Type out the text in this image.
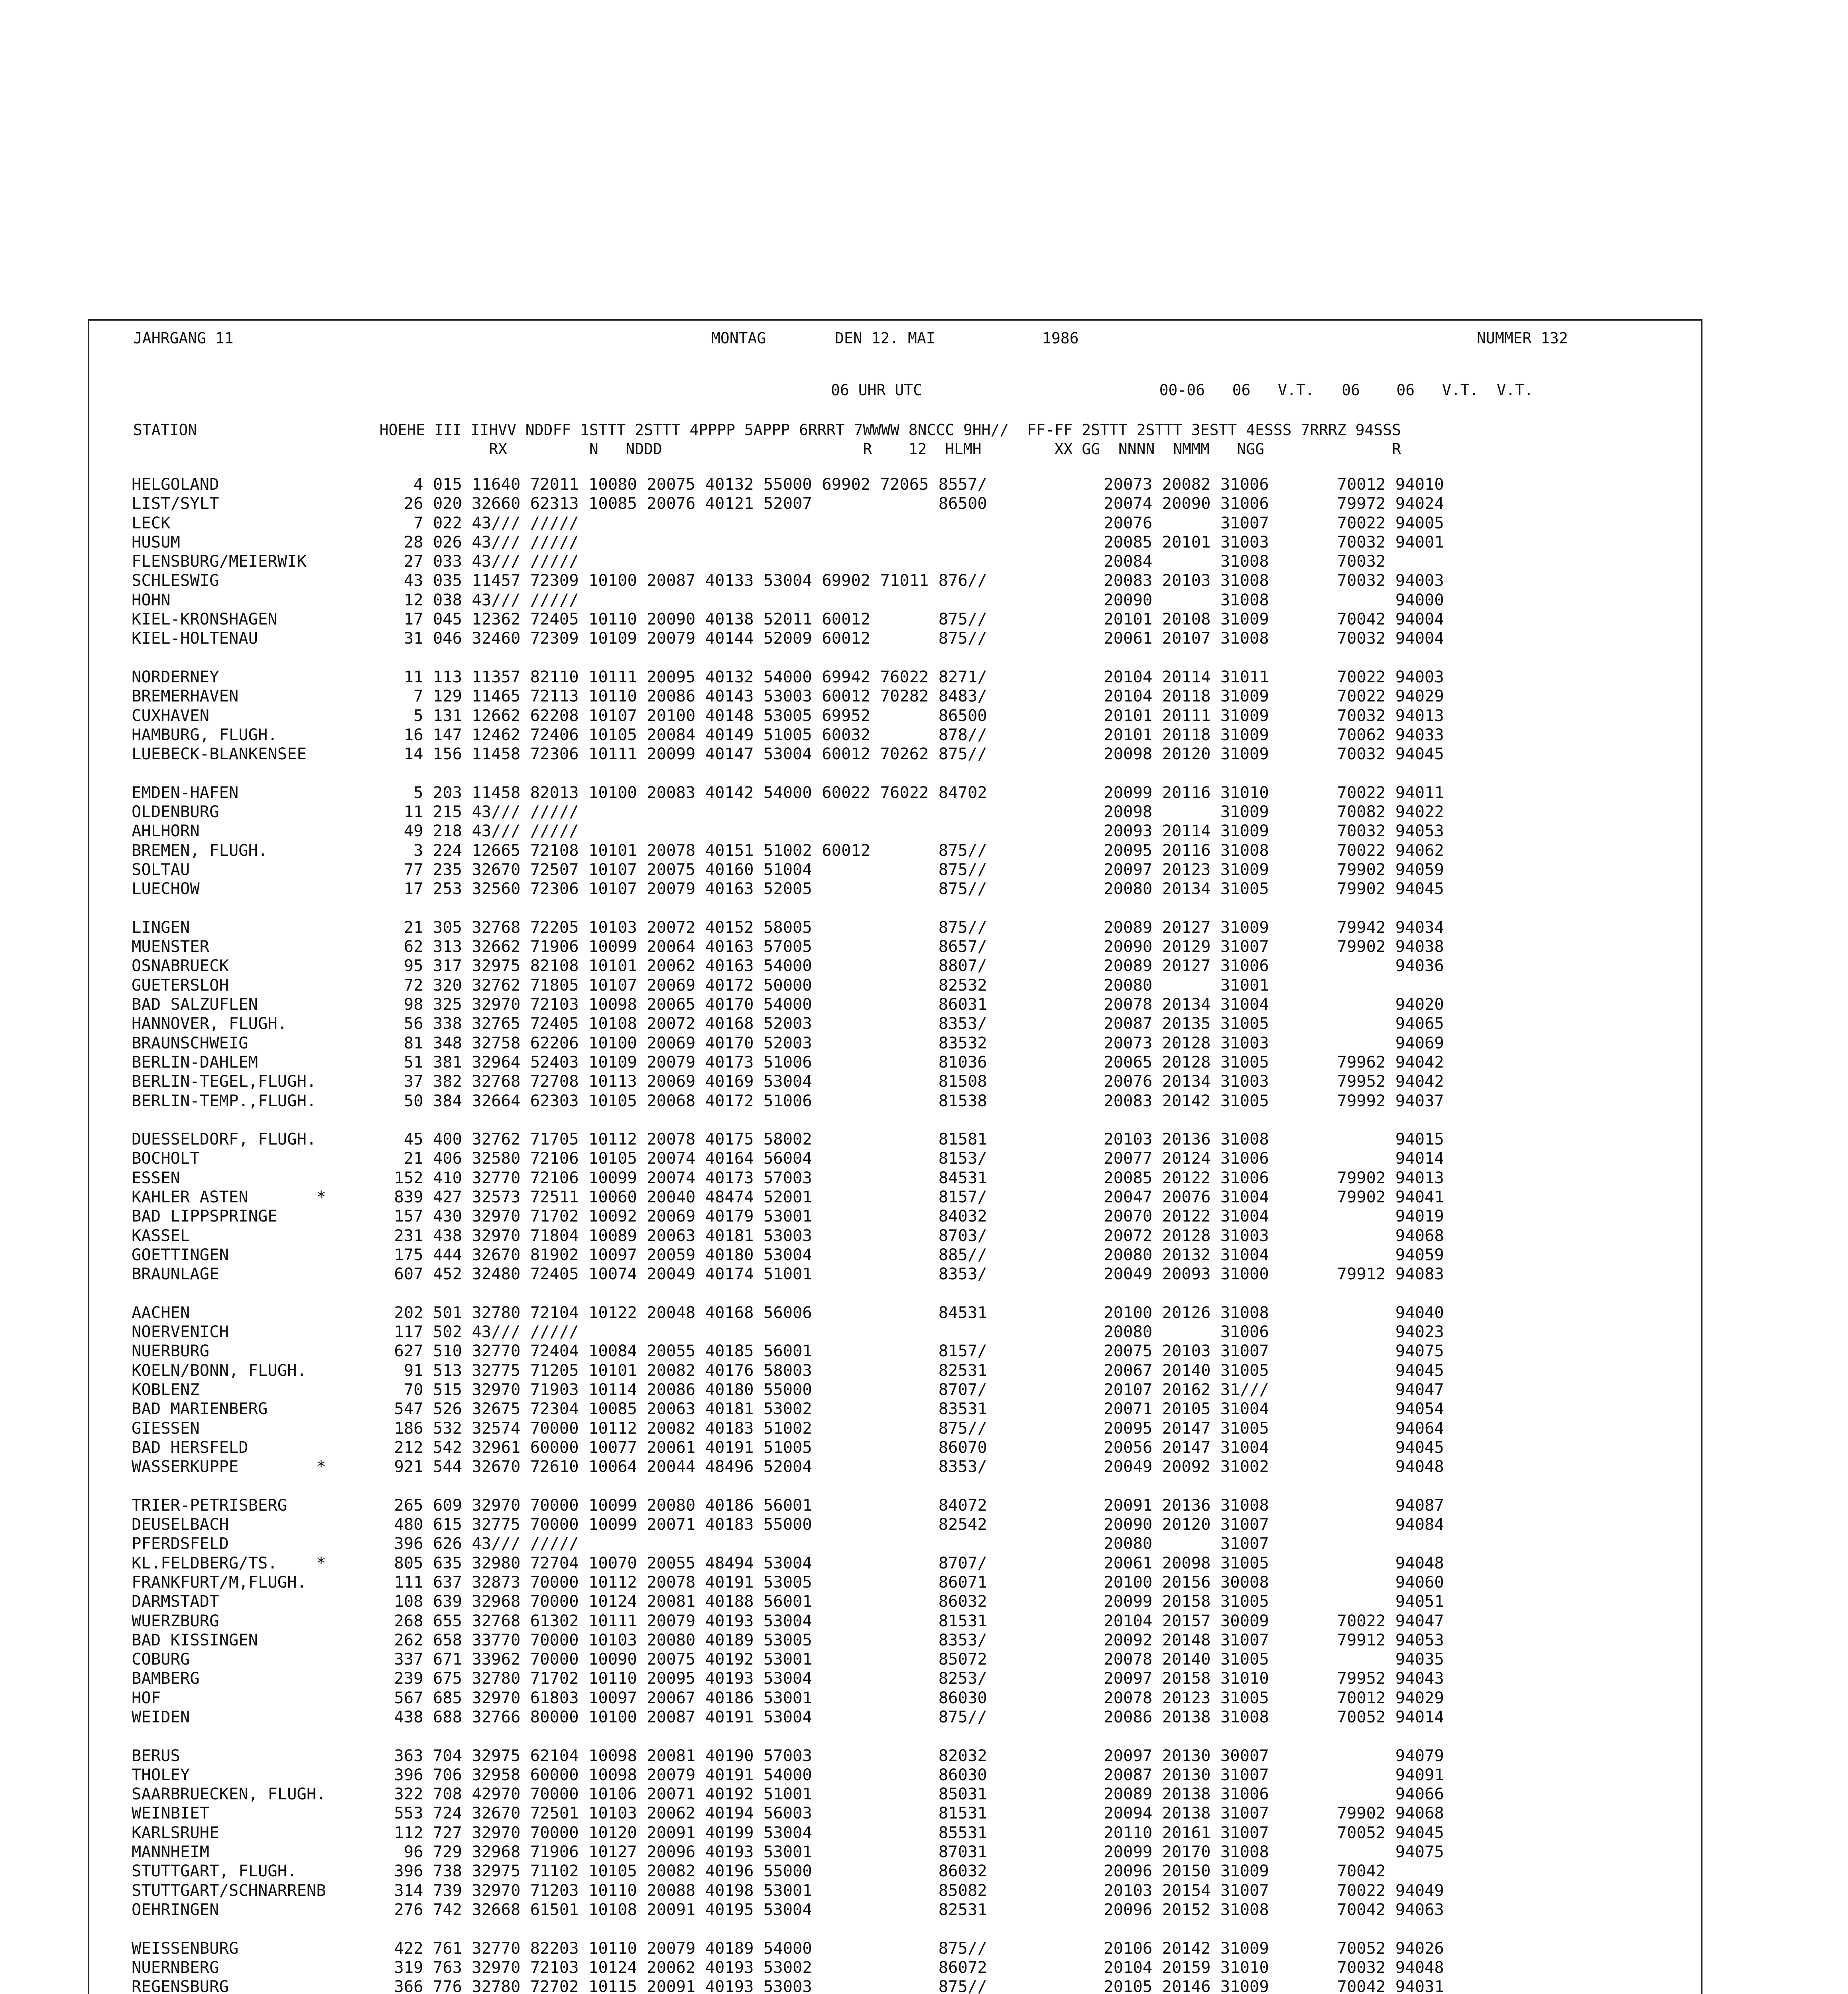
JAHRGANG 11	MONTAG	DEN 12. MAI	1986	NUMMER 132
06 UHR UTC                          00-06   06   V.T.   06    06   V.T.  V.T.
STATION                    HOEHE III IIHVV NDDFF 1STTT 2STTT 4PPPP 5APPP 6RRRT 7WWWW 8NCCC 9HH//  FF-FF 2STTT 2STTT 3ESTT 4ESSS 7RRRZ 94SSS
RX         N   NDDD                      R    12  HLMH        XX GG  NNNN  NMMM   NGG              R
HELGOLAND                    4 015 11640 72011 10080 20075 40132 55000 69902 72065 8557/            20073 20082 31006       70012 94010
LIST/SYLT                   26 020 32660 62313 10085 20076 40121 52007             86500            20074 20090 31006       79972 94024
LECK                         7 022 43/// /////                                                      20076       31007       70022 94005
HUSUM                       28 026 43/// /////                                                      20085 20101 31003       70032 94001
FLENSBURG/MEIERWIK          27 033 43/// /////                                                      20084       31008       70032
SCHLESWIG                   43 035 11457 72309 10100 20087 40133 53004 69902 71011 876//            20083 20103 31008       70032 94003
HOHN                        12 038 43/// /////                                                      20090       31008             94000
KIEL-KRONSHAGEN             17 045 12362 72405 10110 20090 40138 52011 60012       875//            20101 20108 31009       70042 94004
KIEL-HOLTENAU               31 046 32460 72309 10109 20079 40144 52009 60012       875//            20061 20107 31008       70032 94004
NORDERNEY                   11 113 11357 82110 10111 20095 40132 54000 69942 76022 8271/            20104 20114 31011       70022 94003
BREMERHAVEN                  7 129 11465 72113 10110 20086 40143 53003 60012 70282 8483/            20104 20118 31009       70022 94029
CUXHAVEN                     5 131 12662 62208 10107 20100 40148 53005 69952       86500            20101 20111 31009       70032 94013
HAMBURG, FLUGH.             16 147 12462 72406 10105 20084 40149 51005 60032       878//            20101 20118 31009       70062 94033
LUEBECK-BLANKENSEE          14 156 11458 72306 10111 20099 40147 53004 60012 70262 875//            20098 20120 31009       70032 94045
EMDEN-HAFEN                  5 203 11458 82013 10100 20083 40142 54000 60022 76022 84702            20099 20116 31010       70022 94011
OLDENBURG                   11 215 43/// /////                                                      20098       31009       70082 94022
AHLHORN                     49 218 43/// /////                                                      20093 20114 31009       70032 94053
BREMEN, FLUGH.               3 224 12665 72108 10101 20078 40151 51002 60012       875//            20095 20116 31008       70022 94062
SOLTAU                      77 235 32670 72507 10107 20075 40160 51004             875//            20097 20123 31009       79902 94059
LUECHOW                     17 253 32560 72306 10107 20079 40163 52005             875//            20080 20134 31005       79902 94045
LINGEN                      21 305 32768 72205 10103 20072 40152 58005             875//            20089 20127 31009       79942 94034
MUENSTER                    62 313 32662 71906 10099 20064 40163 57005             8657/            20090 20129 31007       79902 94038
OSNABRUECK                  95 317 32975 82108 10101 20062 40163 54000             8807/            20089 20127 31006             94036
GUETERSLOH                  72 320 32762 71805 10107 20069 40172 50000             82532            20080       31001
BAD SALZUFLEN               98 325 32970 72103 10098 20065 40170 54000             86031            20078 20134 31004             94020
HANNOVER, FLUGH.            56 338 32765 72405 10108 20072 40168 52003             8353/            20087 20135 31005             94065
BRAUNSCHWEIG                81 348 32758 62206 10100 20069 40170 52003             83532            20073 20128 31003             94069
BERLIN-DAHLEM               51 381 32964 52403 10109 20079 40173 51006             81036            20065 20128 31005       79962 94042
BERLIN-TEGEL,FLUGH.         37 382 32768 72708 10113 20069 40169 53004             81508            20076 20134 31003       79952 94042
BERLIN-TEMP.,FLUGH.         50 384 32664 62303 10105 20068 40172 51006             81538            20083 20142 31005       79992 94037
DUESSELDORF, FLUGH.         45 400 32762 71705 10112 20078 40175 58002             81581            20103 20136 31008             94015
BOCHOLT                     21 406 32580 72106 10105 20074 40164 56004             8153/            20077 20124 31006             94014
ESSEN                      152 410 32770 72106 10099 20074 40173 57003             84531            20085 20122 31006       79902 94013
KAHLER ASTEN       *       839 427 32573 72511 10060 20040 48474 52001             8157/            20047 20076 31004       79902 94041
BAD LIPPSPRINGE            157 430 32970 71702 10092 20069 40179 53001             84032            20070 20122 31004             94019
KASSEL                     231 438 32970 71804 10089 20063 40181 53003             8703/            20072 20128 31003             94068
GOETTINGEN                 175 444 32670 81902 10097 20059 40180 53004             885//            20080 20132 31004             94059
BRAUNLAGE                  607 452 32480 72405 10074 20049 40174 51001             8353/            20049 20093 31000       79912 94083
AACHEN                     202 501 32780 72104 10122 20048 40168 56006             84531            20100 20126 31008             94040
NOERVENICH                 117 502 43/// /////                                                      20080       31006             94023
NUERBURG                   627 510 32770 72404 10084 20055 40185 56001             8157/            20075 20103 31007             94075
KOELN/BONN, FLUGH.          91 513 32775 71205 10101 20082 40176 58003             82531            20067 20140 31005             94045
KOBLENZ                     70 515 32970 71903 10114 20086 40180 55000             8707/            20107 20162 31///             94047
BAD MARIENBERG             547 526 32675 72304 10085 20063 40181 53002             83531            20071 20105 31004             94054
GIESSEN                    186 532 32574 70000 10112 20082 40183 51002             875//            20095 20147 31005             94064
BAD HERSFELD               212 542 32961 60000 10077 20061 40191 51005             86070            20056 20147 31004             94045
WASSERKUPPE        *       921 544 32670 72610 10064 20044 48496 52004             8353/            20049 20092 31002             94048
TRIER-PETRISBERG           265 609 32970 70000 10099 20080 40186 56001             84072            20091 20136 31008             94087
DEUSELBACH                 480 615 32775 70000 10099 20071 40183 55000             82542            20090 20120 31007             94084
PFERDSFELD                 396 626 43/// /////                                                      20080       31007
KL.FELDBERG/TS.    *       805 635 32980 72704 10070 20055 48494 53004             8707/            20061 20098 31005             94048
FRANKFURT/M,FLUGH.         111 637 32873 70000 10112 20078 40191 53005             86071            20100 20156 30008             94060
DARMSTADT                  108 639 32968 70000 10124 20081 40188 56001             86032            20099 20158 31005             94051
WUERZBURG                  268 655 32768 61302 10111 20079 40193 53004             81531            20104 20157 30009       70022 94047
BAD KISSINGEN              262 658 33770 70000 10103 20080 40189 53005             8353/            20092 20148 31007       79912 94053
COBURG                     337 671 33962 70000 10090 20075 40192 53001             85072            20078 20140 31005             94035
BAMBERG                    239 675 32780 71702 10110 20095 40193 53004             8253/            20097 20158 31010       79952 94043
HOF                        567 685 32970 61803 10097 20067 40186 53001             86030            20078 20123 31005       70012 94029
WEIDEN                     438 688 32766 80000 10100 20087 40191 53004             875//            20086 20138 31008       70052 94014
BERUS                      363 704 32975 62104 10098 20081 40190 57003             82032            20097 20130 30007             94079
THOLEY                     396 706 32958 60000 10098 20079 40191 54000             86030            20087 20130 31007             94091
SAARBRUECKEN, FLUGH.       322 708 42970 70000 10106 20071 40192 51001             85031            20089 20138 31006             94066
WEINBIET                   553 724 32670 72501 10103 20062 40194 56003             81531            20094 20138 31007       79902 94068
KARLSRUHE                  112 727 32970 70000 10120 20091 40199 53004             85531            20110 20161 31007       70052 94045
MANNHEIM                    96 729 32968 71906 10127 20096 40193 53001             87031            20099 20170 31008             94075
STUTTGART, FLUGH.          396 738 32975 71102 10105 20082 40196 55000             86032            20096 20150 31009       70042
STUTTGART/SCHNARRENB       314 739 32970 71203 10110 20088 40198 53001             85082            20103 20154 31007       70022 94049
OEHRINGEN                  276 742 32668 61501 10108 20091 40195 53004             82531            20096 20152 31008       70042 94063
WEISSENBURG                422 761 32770 82203 10110 20079 40189 54000             875//            20106 20142 31009       70052 94026
NUERNBERG                  319 763 32970 72103 10124 20062 40193 53002             86072            20104 20159 31010       70032 94048
REGENSBURG                 366 776 32780 72702 10115 20091 40193 53003             875//            20105 20146 31009       70042 94031
